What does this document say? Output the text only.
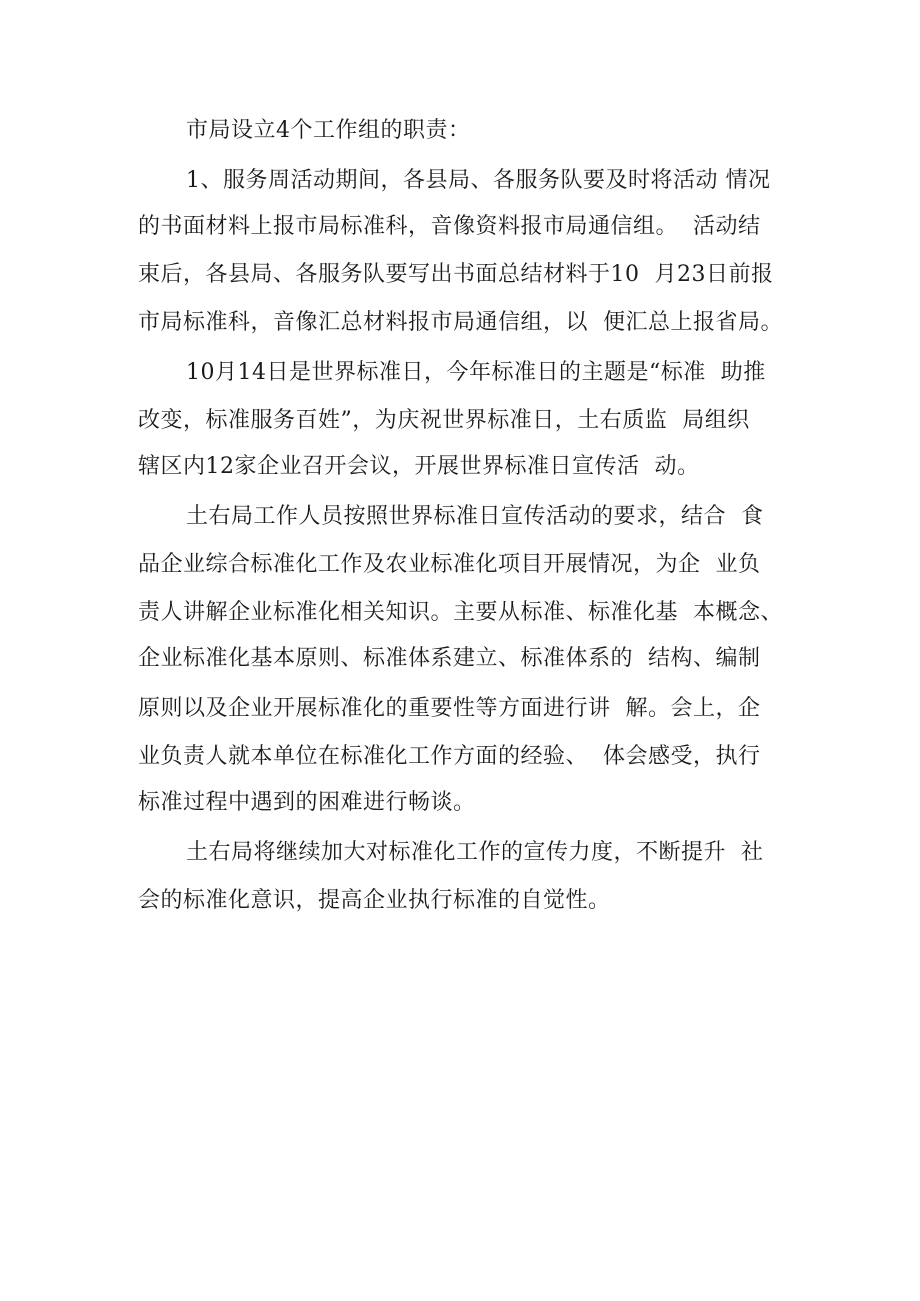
市局设立4个工作组的职责：
1、服务周活动期间，各县局、各服务队要及时将活动 情况
的书面材料上报市局标准科，音像资料报市局通信组。  活动结
束后，各县局、各服务队要写出书面总结材料于10  月23日前报
市局标准科，音像汇总材料报市局通信组，以  便汇总上报省局。
10月14日是世界标准日，今年标准日的主题是“标准  助推
改变，标准服务百姓”，为庆祝世界标准日，土右质监  局组织
辖区内12家企业召开会议，开展世界标准日宣传活  动。
土右局工作人员按照世界标准日宣传活动的要求，结合  食
品企业综合标准化工作及农业标准化项目开展情况，为企  业负
责人讲解企业标准化相关知识。主要从标准、标准化基  本概念、
企业标准化基本原则、标准体系建立、标准体系的  结构、编制
原则以及企业开展标准化的重要性等方面进行讲  解。会上，企
业负责人就本单位在标准化工作方面的经验、  体会感受，执行
标准过程中遇到的困难进行畅谈。
土右局将继续加大对标准化工作的宣传力度，不断提升  社
会的标准化意识，提高企业执行标准的自觉性。
